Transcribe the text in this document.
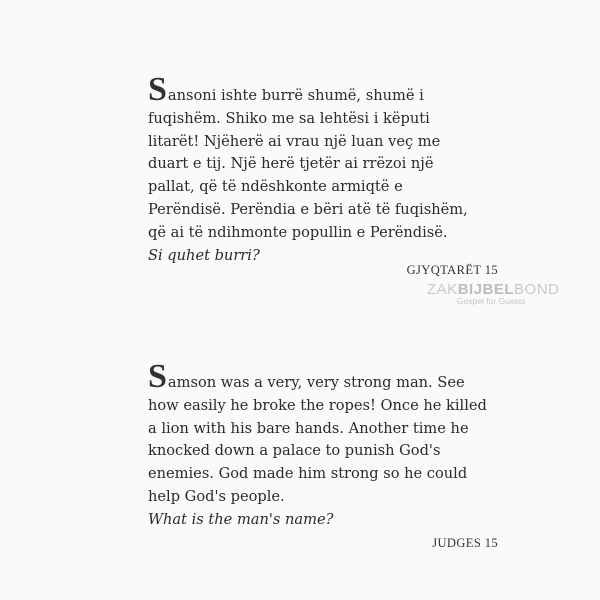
Sansoni ishte burrë shumë, shumë i
fuqishëm. Shiko me sa lehtësi i këputi
litarët! Njëherë ai vrau një luan veç me
duart e tij. Një herë tjetër ai rrëzoi një
pallat, që të ndëshkonte armiqtë e
Perëndisë. Perëndia e bëri atë të fuqishëm,
që ai të ndihmonte popullin e Perëndisë.
Si quhet burri?
GJYQTARËT 15
ZAKBIJBELBOND
Gospel for Guests
Samson was a very, very strong man. See
how easily he broke the ropes! Once he killed
a lion with his bare hands. Another time he
knocked down a palace to punish God's
enemies. God made him strong so he could
help God's people.
What is the man's name?
JUDGES 15
